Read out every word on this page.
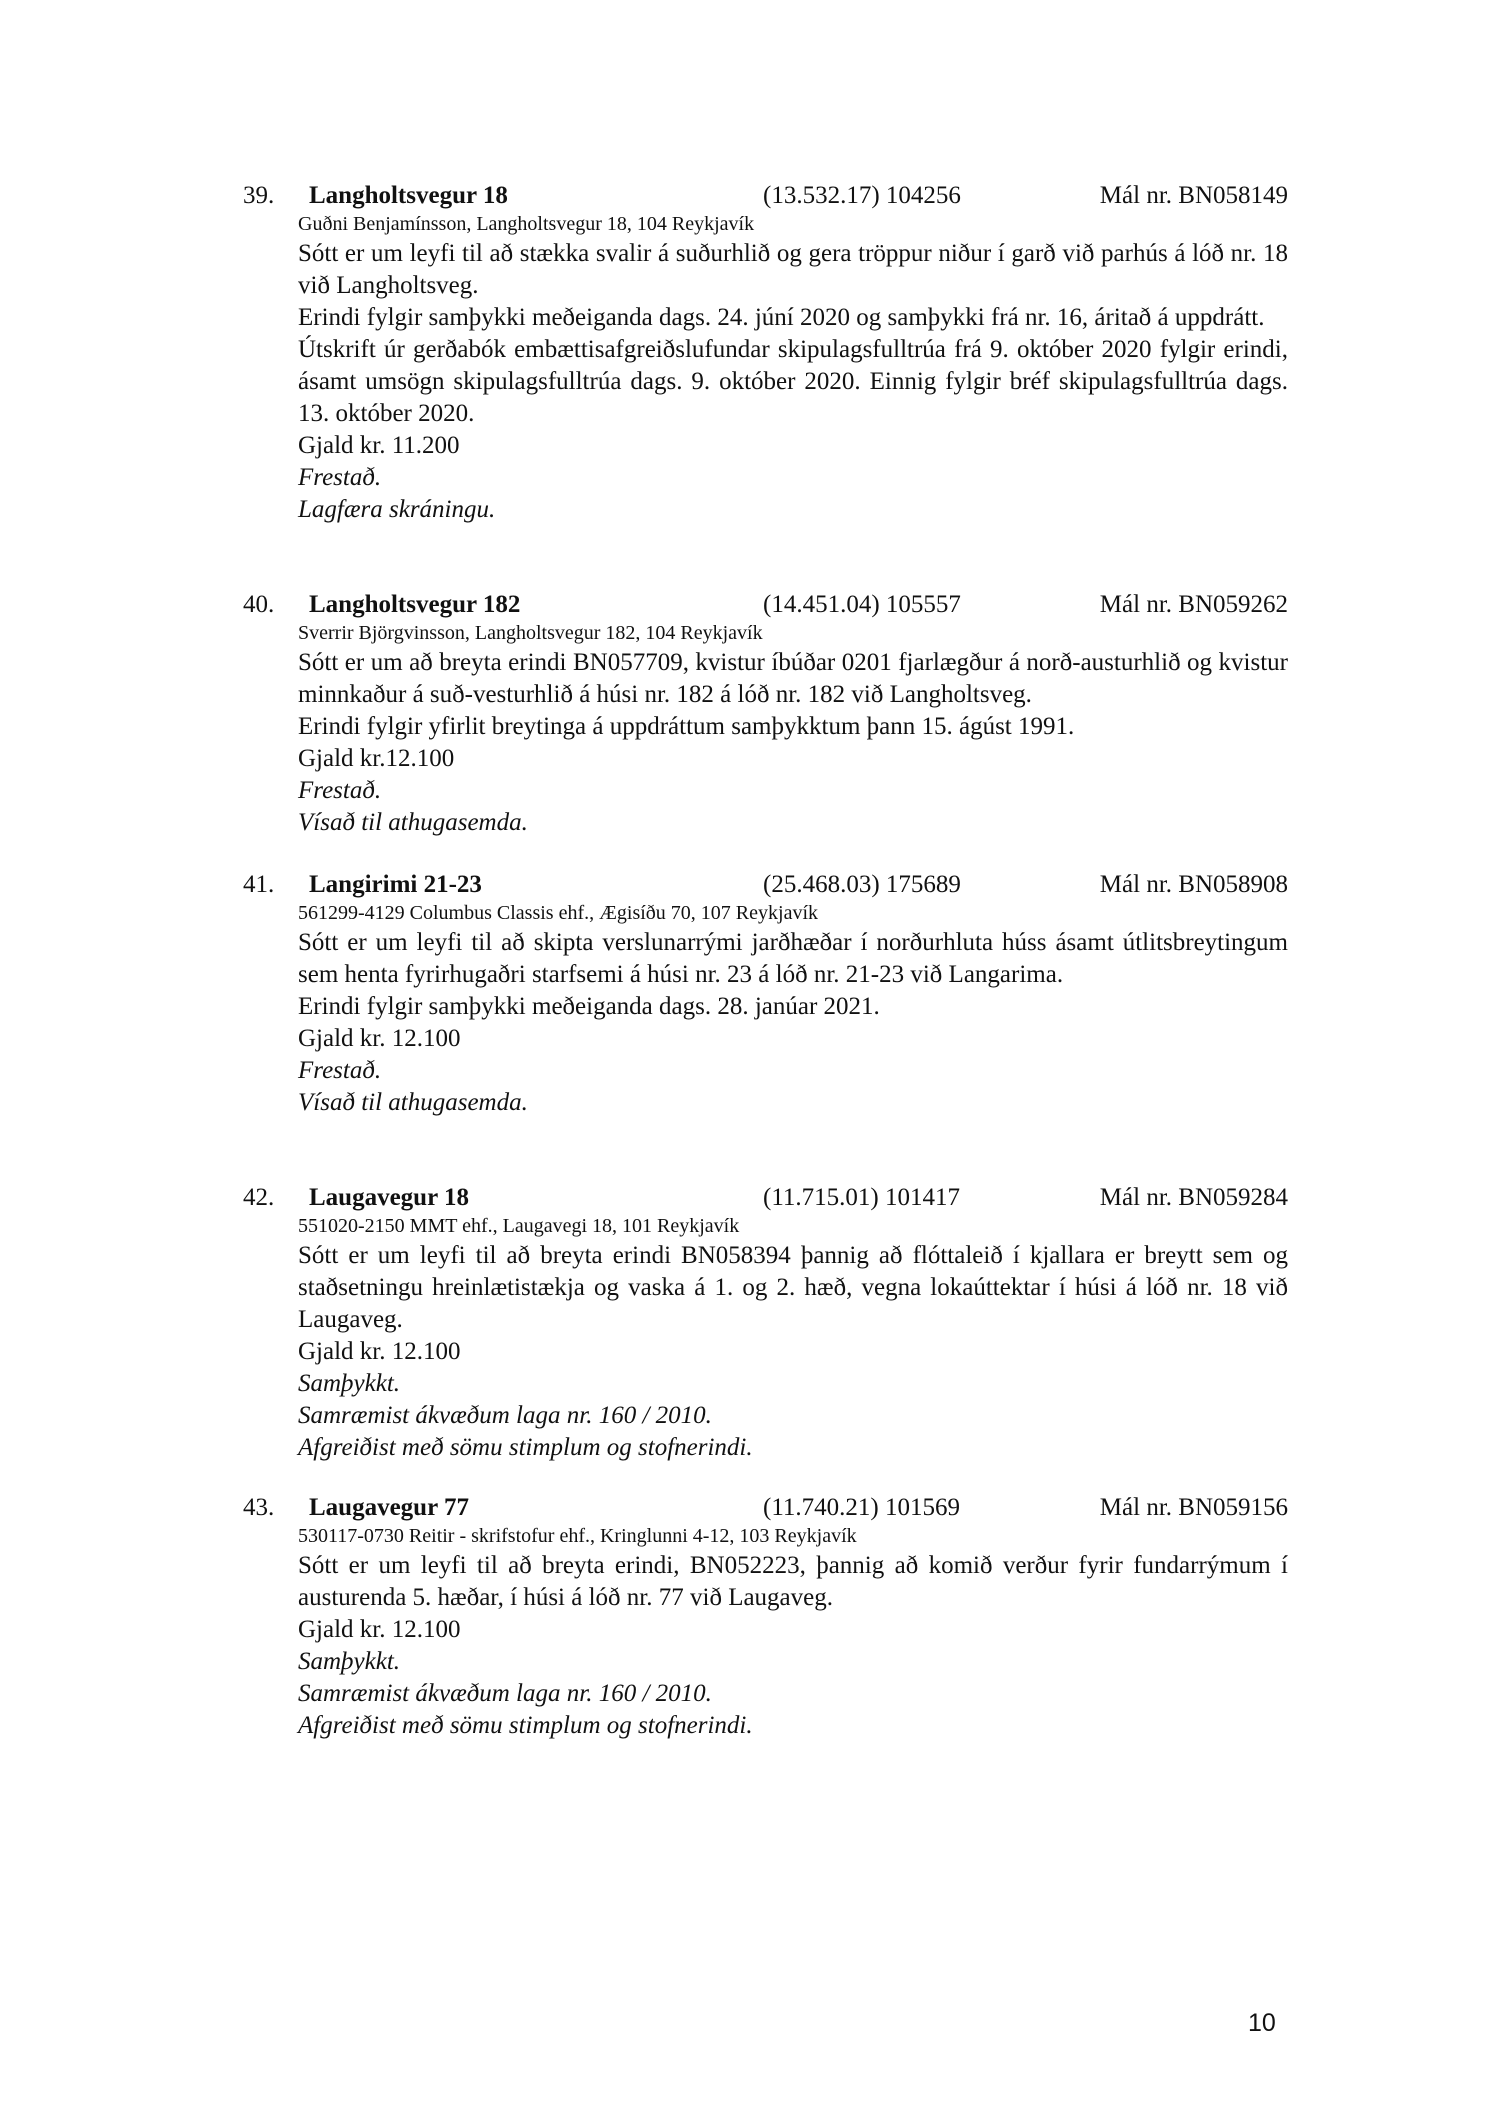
39. Langholtsvegur 18	(13.532.17) 104256	Mál nr. BN058149
Guðni Benjamínsson, Langholtsvegur 18, 104 Reykjavík

Sótt er um leyfi til að stækka svalir á suðurhlið og gera tröppur niður í garð við parhús á lóð nr. 18 við Langholtsveg.

Erindi fylgir samþykki meðeiganda dags. 24. júní 2020 og samþykki frá nr. 16, áritað á uppdrátt.

Útskrift úr gerðabók embættisafgreiðslufundar skipulagsfulltrúa frá 9. október 2020 fylgir erindi, ásamt umsögn skipulagsfulltrúa dags. 9. október 2020. Einnig fylgir bréf skipulagsfulltrúa dags. 13. október 2020.

Gjald kr. 11.200

Frestað.

Lagfæra skráningu.

40. Langholtsvegur 182	(14.451.04) 105557	Mál nr. BN059262
Sverrir Björgvinsson, Langholtsvegur 182, 104 Reykjavík

Sótt er um að breyta erindi BN057709, kvistur íbúðar 0201 fjarlægður á norð-austurhlið og kvistur minnkaður á suð-vesturhlið á húsi nr. 182 á lóð nr. 182 við Langholtsveg.

Erindi fylgir yfirlit breytinga á uppdráttum samþykktum þann 15. ágúst 1991.

Gjald kr.12.100

Frestað.

Vísað til athugasemda.

41. Langirimi 21-23	(25.468.03) 175689	Mál nr. BN058908
561299-4129 Columbus Classis ehf., Ægisíðu 70, 107 Reykjavík

Sótt er um leyfi til að skipta verslunarrými jarðhæðar í norðurhluta húss ásamt útlitsbreytingum sem henta fyrirhugaðri starfsemi á húsi nr. 23 á lóð nr. 21-23 við Langarima.

Erindi fylgir samþykki meðeiganda dags. 28. janúar 2021.

Gjald kr. 12.100

Frestað.

Vísað til athugasemda.

42. Laugavegur 18	(11.715.01) 101417	Mál nr. BN059284
551020-2150 MMT ehf., Laugavegi 18, 101 Reykjavík

Sótt er um leyfi til að breyta erindi BN058394 þannig að flóttaleið í kjallara er breytt sem og staðsetningu hreinlætistækja og vaska á 1. og 2. hæð, vegna lokaúttektar í húsi á lóð nr. 18 við Laugaveg.

Gjald kr. 12.100

Samþykkt.

Samræmist ákvæðum laga nr. 160 / 2010.

Afgreiðist með sömu stimplum og stofnerindi.

43. Laugavegur 77	(11.740.21) 101569	Mál nr. BN059156
530117-0730 Reitir - skrifstofur ehf., Kringlunni 4-12, 103 Reykjavík

Sótt er um leyfi til að breyta erindi, BN052223, þannig að komið verður fyrir fundarrýmum í austurenda 5. hæðar, í húsi á lóð nr. 77 við Laugaveg.

Gjald kr. 12.100

Samþykkt.

Samræmist ákvæðum laga nr. 160 / 2010.

Afgreiðist með sömu stimplum og stofnerindi.

10
